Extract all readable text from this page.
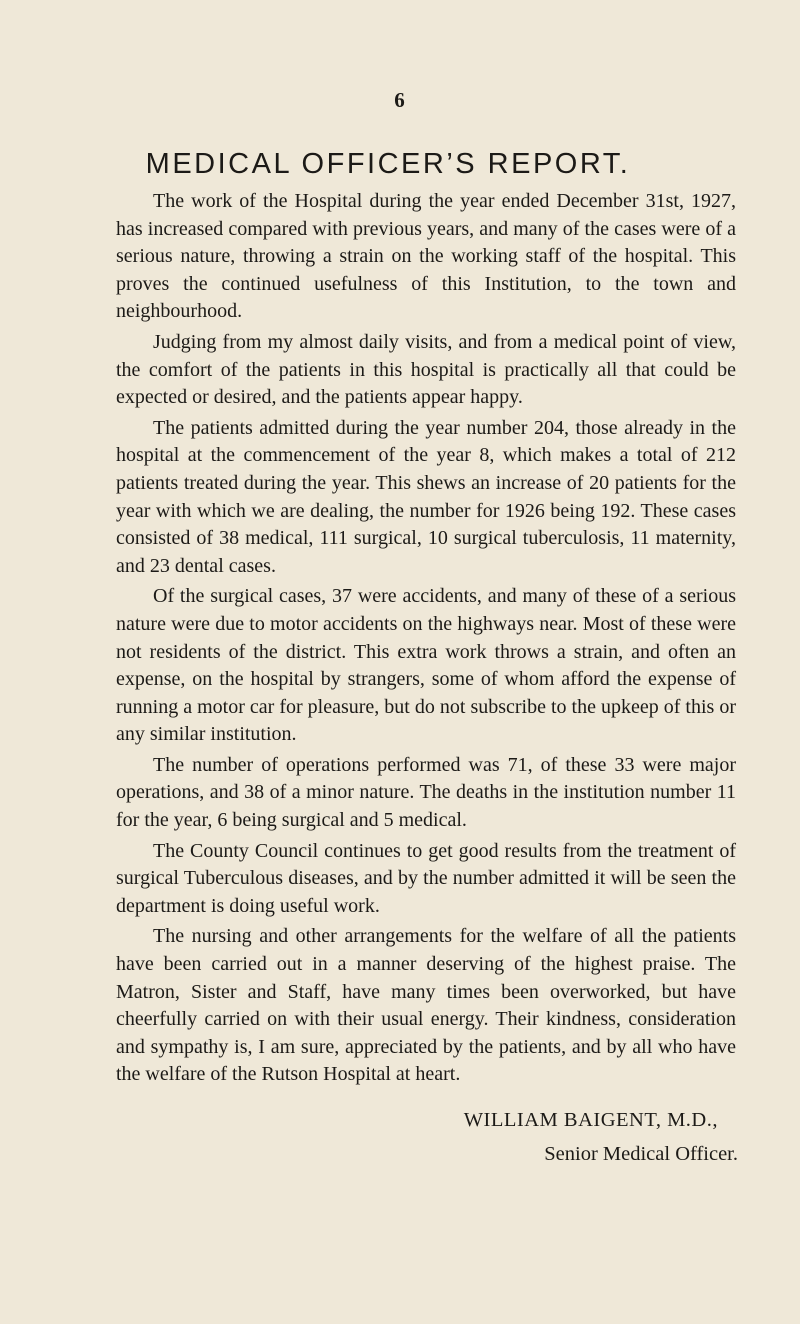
6
MEDICAL OFFICER’S REPORT.

The work of the Hospital during the year ended December 31st, 1927, has increased compared with previous years, and many of the cases were of a serious nature, throwing a strain on the working staff of the hospital. This proves the continued usefulness of this Institution, to the town and neighbourhood.

Judging from my almost daily visits, and from a medical point of view, the comfort of the patients in this hospital is practically all that could be expected or desired, and the patients appear happy.

The patients admitted during the year number 204, those already in the hospital at the commencement of the year 8, which makes a total of 212 patients treated during the year. This shews an increase of 20 patients for the year with which we are dealing, the number for 1926 being 192. These cases consisted of 38 medical, 111 surgical, 10 surgical tuberculosis, 11 maternity, and 23 dental cases.

Of the surgical cases, 37 were accidents, and many of these of a serious nature were due to motor accidents on the highways near. Most of these were not residents of the district. This extra work throws a strain, and often an expense, on the hospital by strangers, some of whom afford the expense of running a motor car for pleasure, but do not subscribe to the upkeep of this or any similar institution.

The number of operations performed was 71, of these 33 were major operations, and 38 of a minor nature. The deaths in the institution number 11 for the year, 6 being surgical and 5 medical.

The County Council continues to get good results from the treatment of surgical Tuberculous diseases, and by the number admitted it will be seen the department is doing useful work.

The nursing and other arrangements for the welfare of all the patients have been carried out in a manner deserving of the highest praise. The Matron, Sister and Staff, have many times been overworked, but have cheerfully carried on with their usual energy. Their kindness, consideration and sympathy is, I am sure, appreciated by the patients, and by all who have the welfare of the Rutson Hospital at heart.

WILLIAM BAIGENT, M.D.,
Senior Medical Officer.
